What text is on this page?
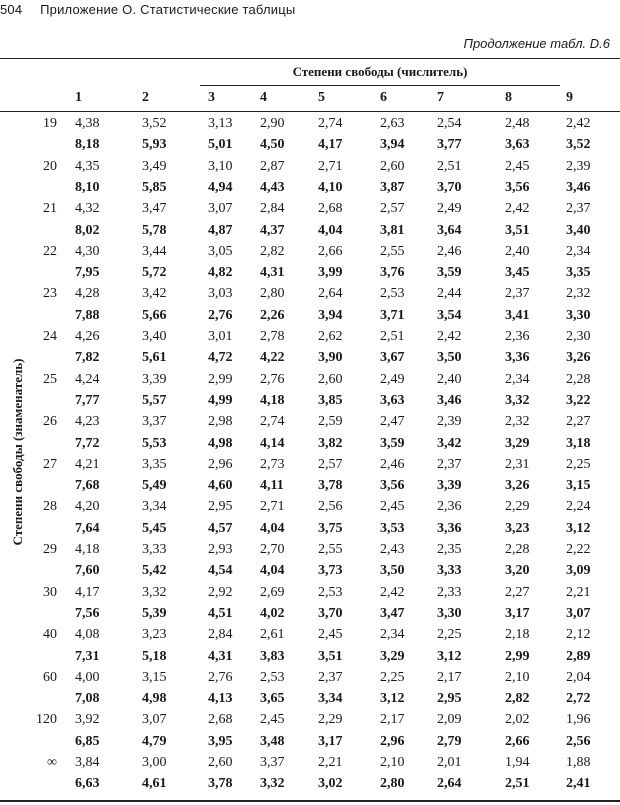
504 Приложение О. Статистические таблицы
Продолжение табл. D.6
Степени свободы (числитель)
1	2	3	4	5	6	7	8	9
Степени свободы (знаменатель)
19 4,38	3,52	3,13 2,90 2,74	2,63 2,54	2,48	2,42
8,18	5,93	5,01 4,50 4,17	3,94 3,77	3,63	3,52
20 4,35	3,49	3,10 2,87 2,71	2,60 2,51	2,45	2,39
8,10	5,85	4,94 4,43 4,10	3,87 3,70	3,56	3,46
21 4,32	3,47	3,07 2,84 2,68	2,57 2,49	2,42	2,37
8,02	5,78	4,87 4,37 4,04	3,81 3,64	3,51	3,40
22 4,30	3,44	3,05 2,82 2,66	2,55 2,46	2,40	2,34
7,95	5,72	4,82 4,31 3,99	3,76 3,59	3,45	3,35
23 4,28	3,42	3,03 2,80 2,64	2,53 2,44	2,37	2,32
7,88	5,66	2,76 2,26 3,94	3,71 3,54	3,41	3,30
24 4,26	3,40	3,01 2,78 2,62	2,51 2,42	2,36	2,30
7,82	5,61	4,72 4,22 3,90	3,67 3,50	3,36	3,26
25 4,24	3,39	2,99 2,76 2,60	2,49 2,40	2,34	2,28
7,77	5,57	4,99 4,18 3,85	3,63 3,46	3,32	3,22
26 4,23	3,37	2,98 2,74 2,59	2,47 2,39	2,32	2,27
7,72	5,53	4,98 4,14 3,82	3,59 3,42	3,29	3,18
27 4,21	3,35	2,96 2,73 2,57	2,46 2,37	2,31	2,25
7,68	5,49	4,60 4,11 3,78	3,56 3,39	3,26	3,15
28 4,20	3,34	2,95 2,71 2,56	2,45 2,36	2,29	2,24
7,64	5,45	4,57 4,04 3,75	3,53 3,36	3,23	3,12
29 4,18	3,33	2,93 2,70 2,55	2,43 2,35	2,28	2,22
7,60	5,42	4,54 4,04 3,73	3,50 3,33	3,20	3,09
30 4,17	3,32	2,92 2,69 2,53	2,42 2,33	2,27	2,21
7,56	5,39	4,51 4,02 3,70	3,47 3,30	3,17	3,07
40 4,08	3,23	2,84 2,61 2,45	2,34 2,25	2,18	2,12
7,31	5,18	4,31 3,83 3,51	3,29 3,12	2,99	2,89
60 4,00	3,15	2,76 2,53 2,37	2,25 2,17	2,10	2,04
7,08	4,98	4,13 3,65 3,34	3,12 2,95	2,82	2,72
120 3,92	3,07	2,68 2,45 2,29	2,17 2,09	2,02	1,96
6,85	4,79	3,95 3,48 3,17	2,96 2,79	2,66	2,56
∞ 3,84	3,00	2,60 3,37 2,21	2,10 2,01	1,94	1,88
6,63	4,61	3,78 3,32 3,02	2,80 2,64	2,51	2,41
